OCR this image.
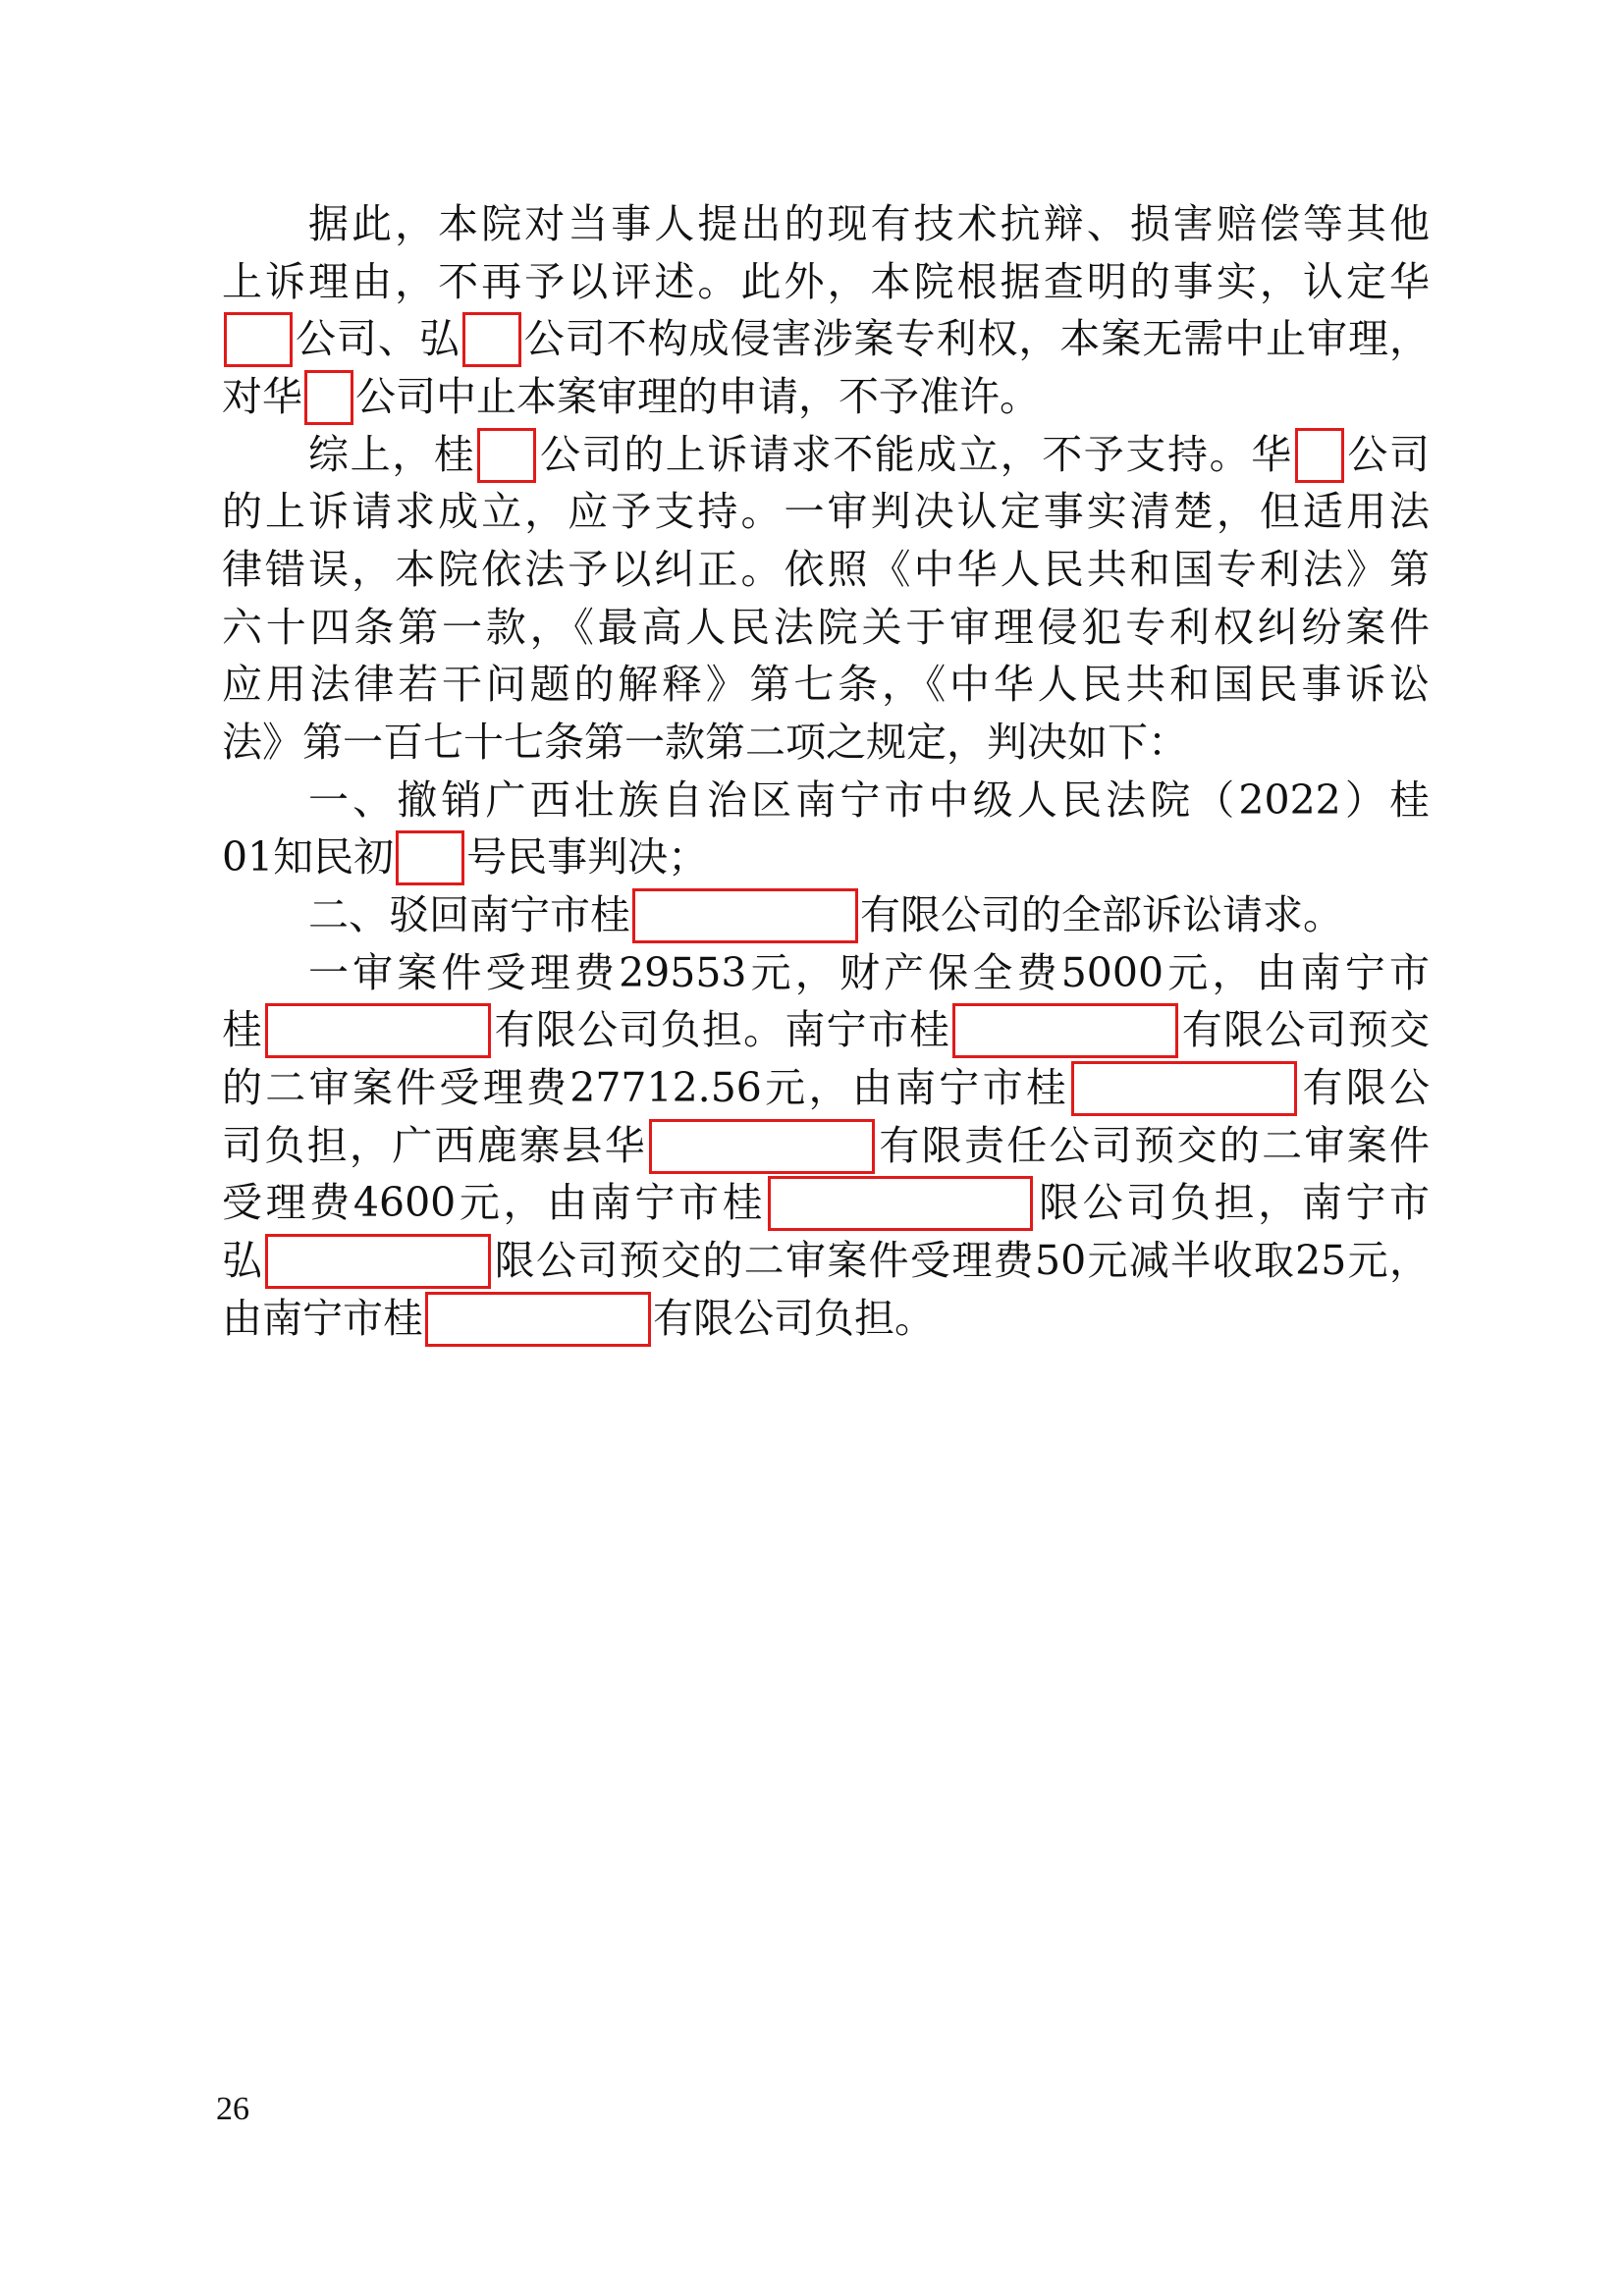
据此，本院对当事人提出的现有技术抗辩、损害赔偿等其他
上诉理由，不再予以评述。此外，本院根据查明的事实，认定华
公司、弘 公司不构成侵害涉案专利权，本案无需中止审理，
对华 公司中止本案审理的申请，不予准许。
综上，桂 公司的上诉请求不能成立，不予支持。华 公司
的上诉请求成立，应予支持。一审判决认定事实清楚，但适用法
律错误，本院依法予以纠正。依照《中华人民共和国专利法》第
六十四条第一款，《最高人民法院关于审理侵犯专利权纠纷案件
应用法律若干问题的解释》第七条，《中华人民共和国民事诉讼
法》第一百七十七条第一款第二项之规定，判决如下：
一、撤销广西壮族自治区南宁市中级人民法院（2022）桂
01知民初 号民事判决；
二、驳回南宁市桂	有限公司的全部诉讼请求。
一审案件受理费29553元，财产保全费5000元，由南宁市
桂	有限公司负担。南宁市桂	有限公司预交
的二审案件受理费27712.56元，由南宁市桂	有限公
司负担，广西鹿寨县华	有限责任公司预交的二审案件
受理费4600元，由南宁市桂	限公司负担，南宁市
弘	限公司预交的二审案件受理费50元减半收取25元，
由南宁市桂	有限公司负担。
26
